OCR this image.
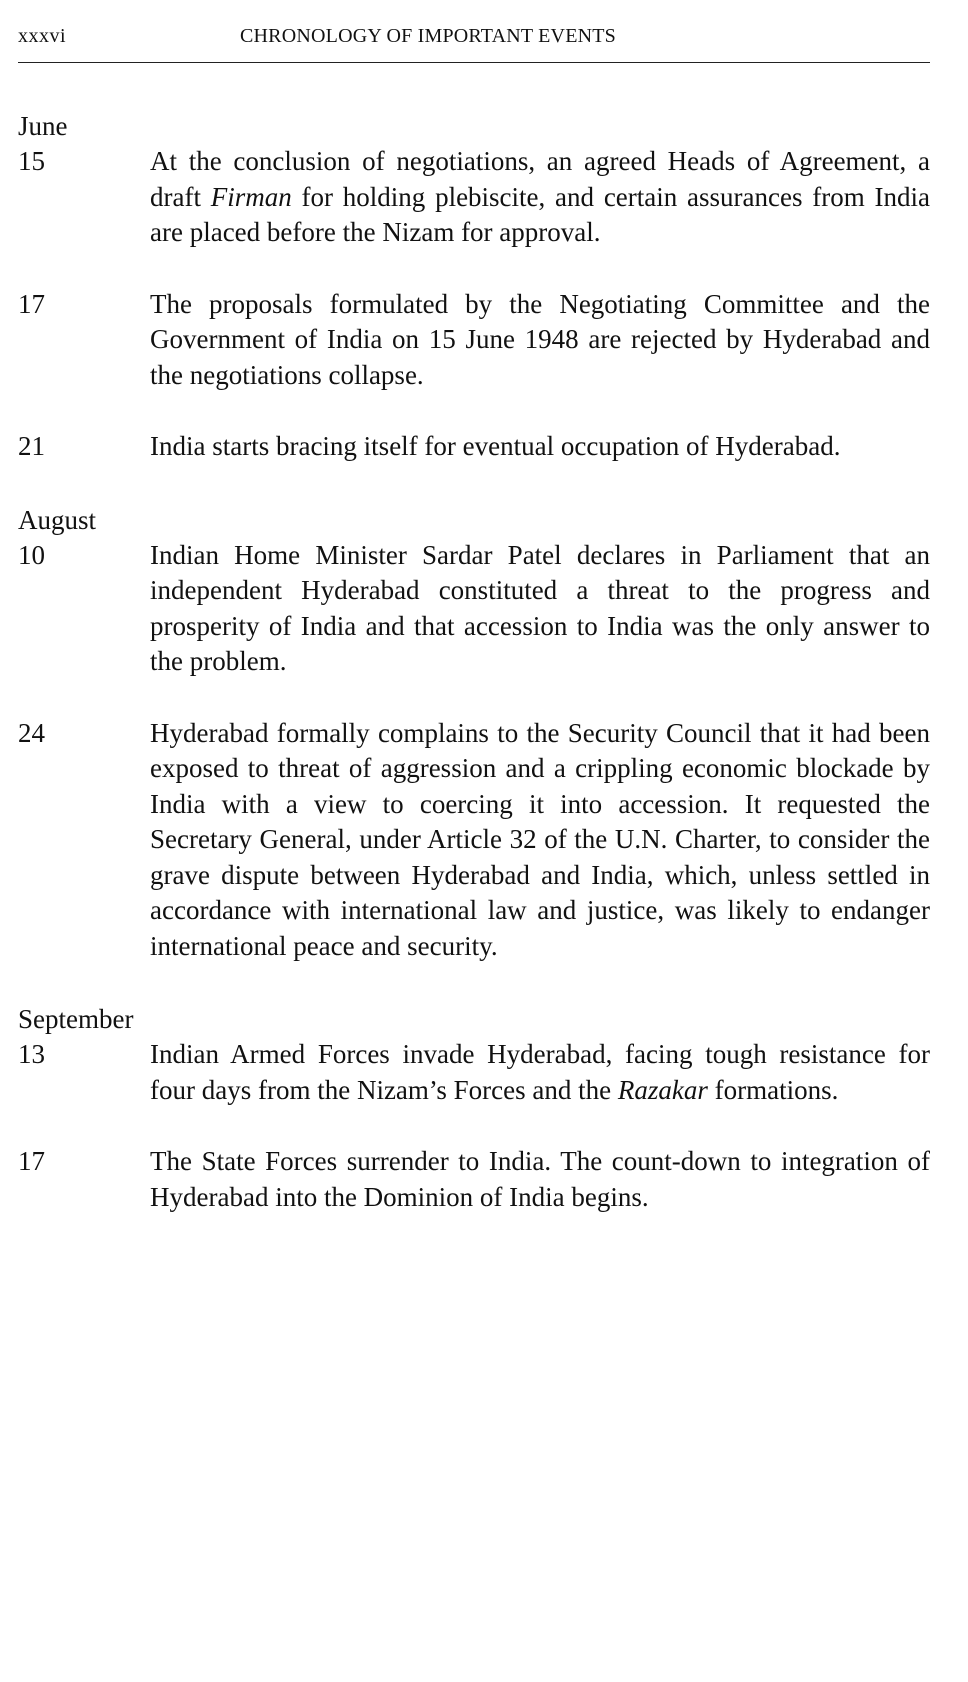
xxxvi	CHRONOLOGY OF IMPORTANT EVENTS
June
15	At the conclusion of negotiations, an agreed Heads of Agreement, a draft Firman for holding plebiscite, and certain assurances from India are placed before the Nizam for approval.
17	The proposals formulated by the Negotiating Committee and the Government of India on 15 June 1948 are rejected by Hyderabad and the negotiations collapse.
21	India starts bracing itself for eventual occupation of Hyderabad.
August
10	Indian Home Minister Sardar Patel declares in Parliament that an independent Hyderabad constituted a threat to the progress and prosperity of India and that accession to India was the only answer to the problem.
24	Hyderabad formally complains to the Security Council that it had been exposed to threat of aggression and a crippling economic blockade by India with a view to coercing it into accession. It requested the Secretary General, under Article 32 of the U.N. Charter, to consider the grave dispute between Hyderabad and India, which, unless settled in accordance with international law and justice, was likely to endanger international peace and security.
September
13	Indian Armed Forces invade Hyderabad, facing tough resistance for four days from the Nizam’s Forces and the Razakar formations.
17	The State Forces surrender to India. The count-down to integration of Hyderabad into the Dominion of India begins.
